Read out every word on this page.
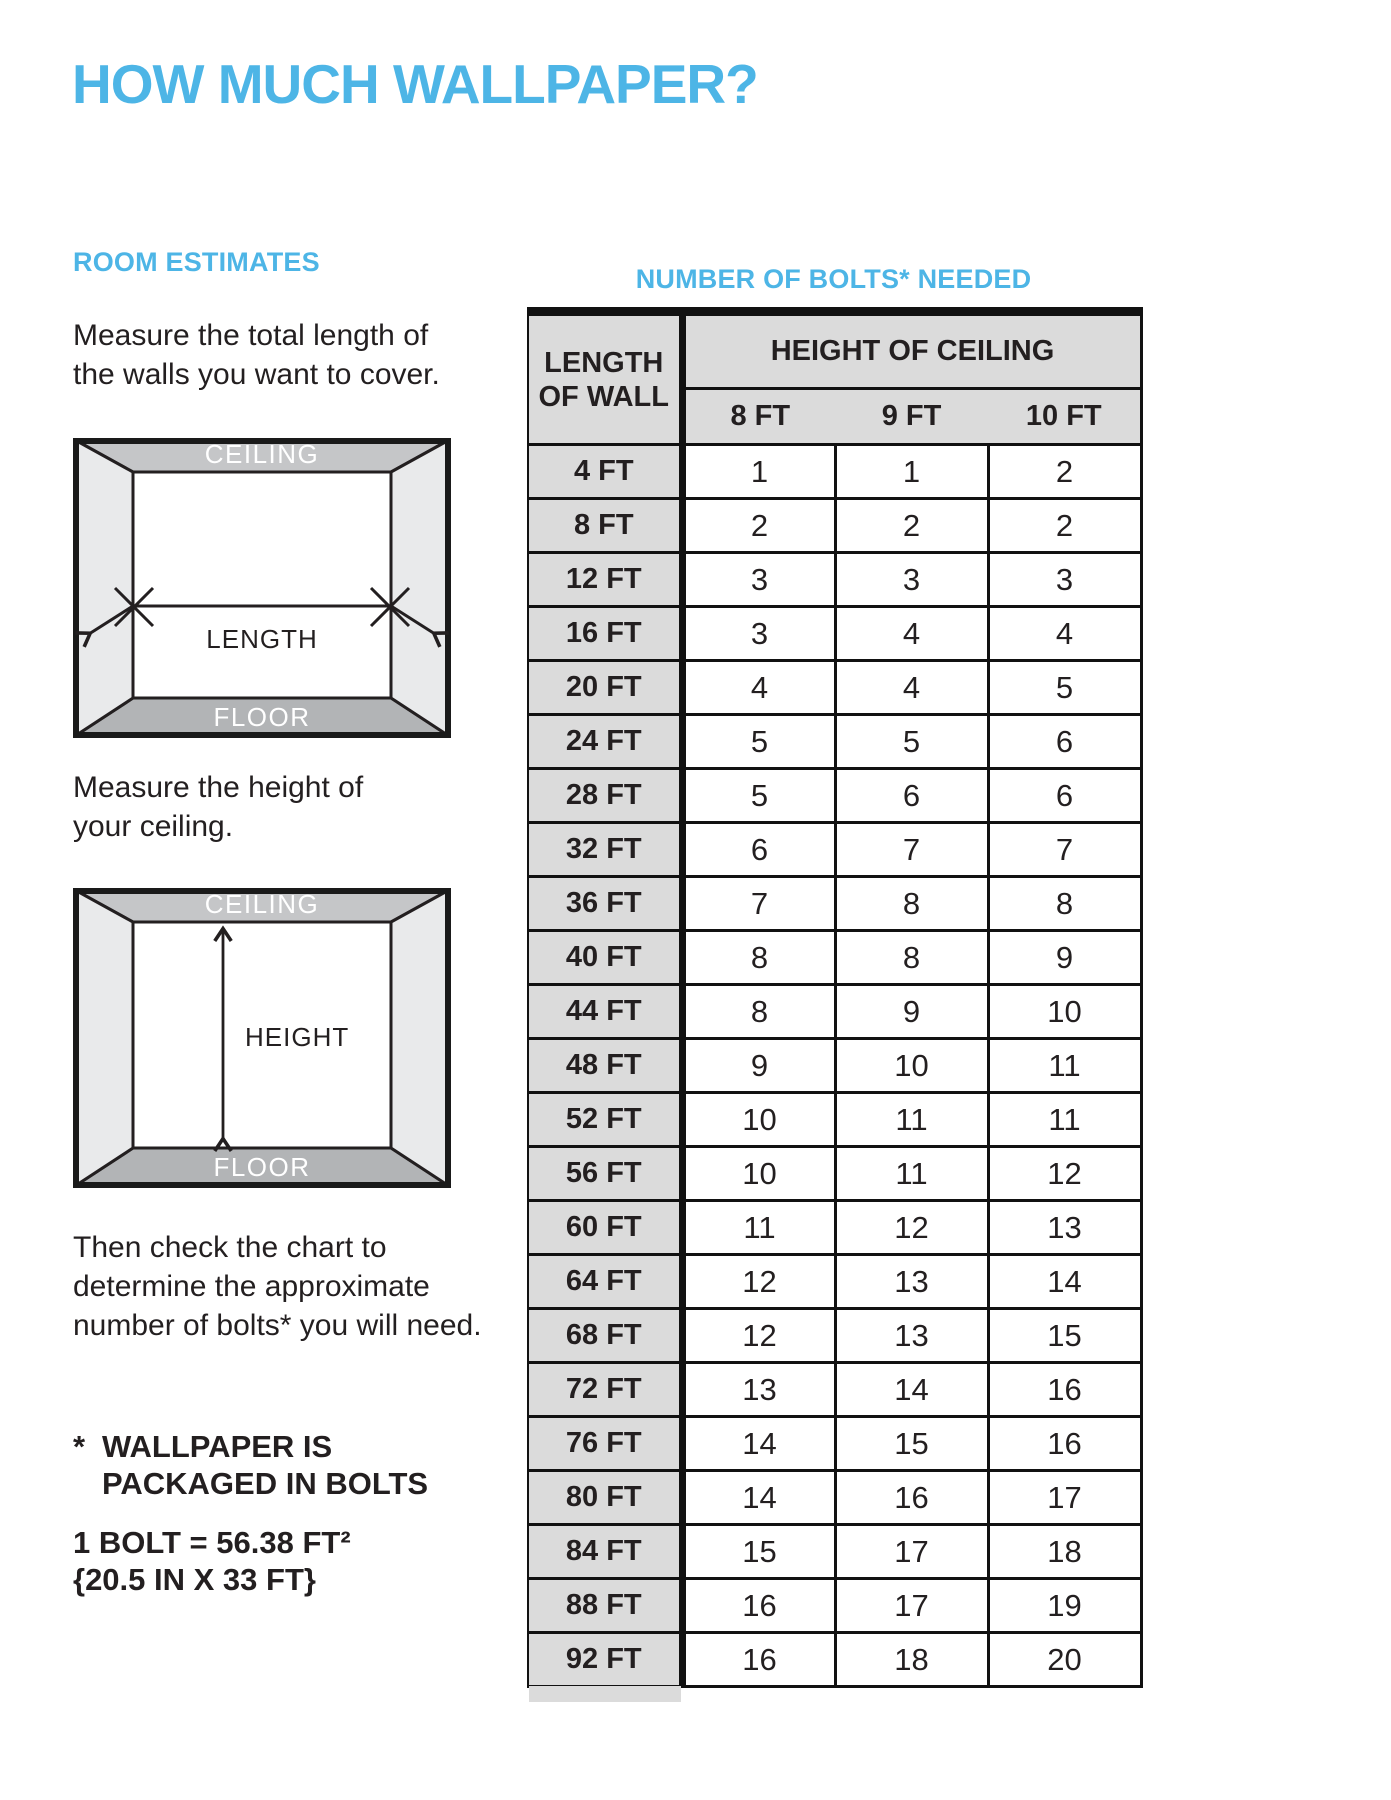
HOW MUCH WALLPAPER?
ROOM ESTIMATES
Measure the total length of
the walls you want to cover.
CEILING
FLOOR
LENGTH
Measure the height of
your ceiling.
CEILING
FLOOR
HEIGHT
Then check the chart to
determine the approximate
number of bolts* you will need.
* WALLPAPER IS
PACKAGED IN BOLTS
1 BOLT = 56.38 FT²
{20.5 IN X 33 FT}
NUMBER OF BOLTS* NEEDED
LENGTH
OF WALL	HEIGHT OF CEILING		
	8 FT	9 FT	10 FT
4 FT	1	1	2
8 FT	2	2	2
12 FT	3	3	3
16 FT	3	4	4
20 FT	4	4	5
24 FT	5	5	6
28 FT	5	6	6
32 FT	6	7	7
36 FT	7	8	8
40 FT	8	8	9
44 FT	8	9	10
48 FT	9	10	11
52 FT	10	11	11
56 FT	10	11	12
60 FT	11	12	13
64 FT	12	13	14
68 FT	12	13	15
72 FT	13	14	16
76 FT	14	15	16
80 FT	14	16	17
84 FT	15	17	18
88 FT	16	17	19
92 FT	16	18	20
